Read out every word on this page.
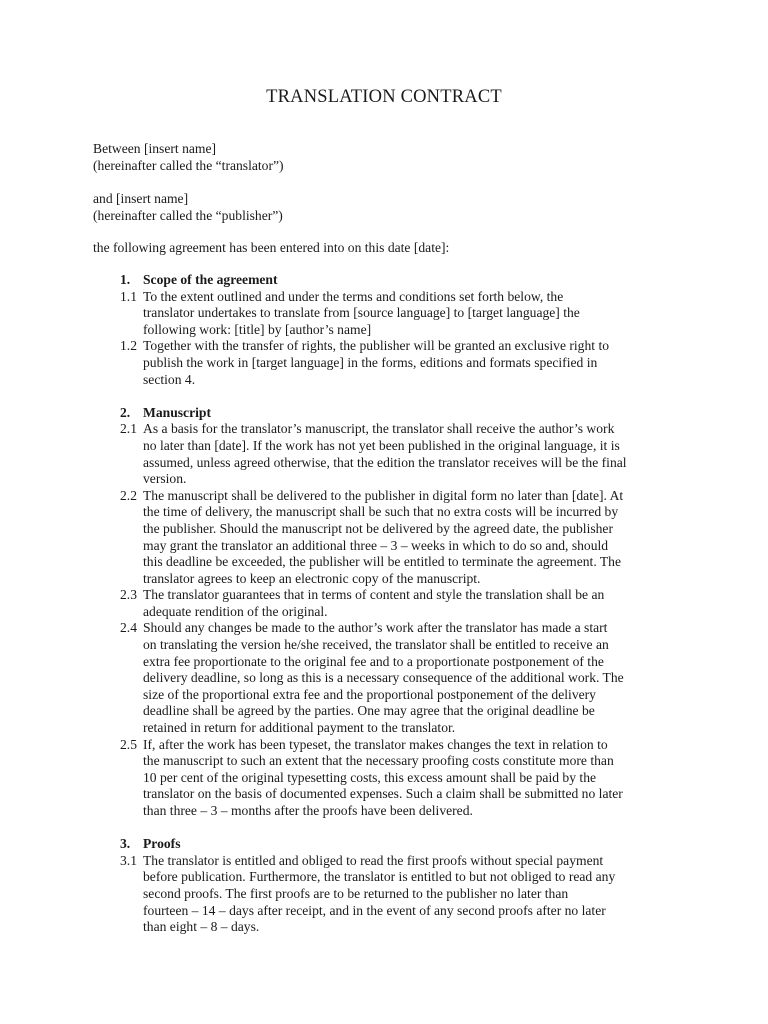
TRANSLATION CONTRACT
Between [insert name]
(hereinafter called the “translator”)
and [insert name]
(hereinafter called the “publisher”)
the following agreement has been entered into on this date [date]:
1. Scope of the agreement
1.1 To the extent outlined and under the terms and conditions set forth below, the
translator undertakes to translate from [source language] to [target language] the
following work: [title] by [author’s name]
1.2 Together with the transfer of rights, the publisher will be granted an exclusive right to
publish the work in [target language] in the forms, editions and formats specified in
section 4.
2. Manuscript
2.1 As a basis for the translator’s manuscript, the translator shall receive the author’s work
no later than [date]. If the work has not yet been published in the original language, it is
assumed, unless agreed otherwise, that the edition the translator receives will be the final
version.
2.2 The manuscript shall be delivered to the publisher in digital form no later than [date]. At
the time of delivery, the manuscript shall be such that no extra costs will be incurred by
the publisher. Should the manuscript not be delivered by the agreed date, the publisher
may grant the translator an additional three – 3 – weeks in which to do so and, should
this deadline be exceeded, the publisher will be entitled to terminate the agreement. The
translator agrees to keep an electronic copy of the manuscript.
2.3 The translator guarantees that in terms of content and style the translation shall be an
adequate rendition of the original.
2.4 Should any changes be made to the author’s work after the translator has made a start
on translating the version he/she received, the translator shall be entitled to receive an
extra fee proportionate to the original fee and to a proportionate postponement of the
delivery deadline, so long as this is a necessary consequence of the additional work. The
size of the proportional extra fee and the proportional postponement of the delivery
deadline shall be agreed by the parties. One may agree that the original deadline be
retained in return for additional payment to the translator.
2.5 If, after the work has been typeset, the translator makes changes the text in relation to
the manuscript to such an extent that the necessary proofing costs constitute more than
10 per cent of the original typesetting costs, this excess amount shall be paid by the
translator on the basis of documented expenses. Such a claim shall be submitted no later
than three – 3 – months after the proofs have been delivered.
3. Proofs
3.1 The translator is entitled and obliged to read the first proofs without special payment
before publication. Furthermore, the translator is entitled to but not obliged to read any
second proofs. The first proofs are to be returned to the publisher no later than
fourteen – 14 – days after receipt, and in the event of any second proofs after no later
than eight – 8 – days.
